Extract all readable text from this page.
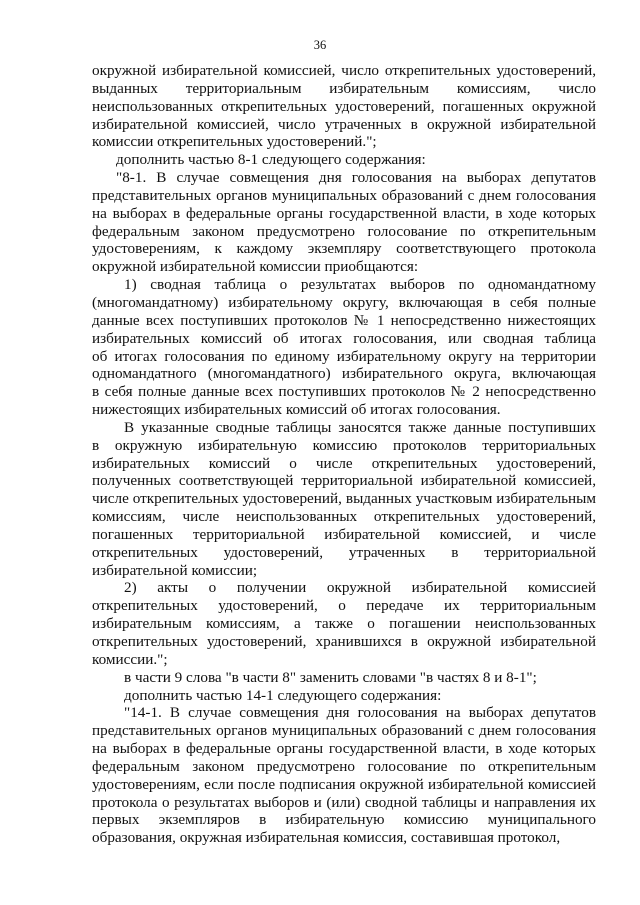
36
окружной избирательной комиссией, число открепительных удостоверений,
выданных территориальным избирательным комиссиям, число
неиспользованных открепительных удостоверений, погашенных окружной
избирательной комиссией, число утраченных в окружной избирательной
комиссии открепительных удостоверений.";
дополнить частью 8-1 следующего содержания:
"8-1. В случае совмещения дня голосования на выборах депутатов
представительных органов муниципальных образований с днем голосования
на выборах в федеральные органы государственной власти, в ходе которых
федеральным законом предусмотрено голосование по открепительным
удостоверениям, к каждому экземпляру соответствующего протокола
окружной избирательной комиссии приобщаются:
1) сводная таблица о результатах выборов по одномандатному
(многомандатному) избирательному округу, включающая в себя полные
данные всех поступивших протоколов № 1 непосредственно нижестоящих
избирательных комиссий об итогах голосования, или сводная таблица
об итогах голосования по единому избирательному округу на территории
одномандатного (многомандатного) избирательного округа, включающая
в себя полные данные всех поступивших протоколов № 2 непосредственно
нижестоящих избирательных комиссий об итогах голосования.
В указанные сводные таблицы заносятся также данные поступивших
в окружную избирательную комиссию протоколов территориальных
избирательных комиссий о числе открепительных удостоверений,
полученных соответствующей территориальной избирательной комиссией,
числе открепительных удостоверений, выданных участковым избирательным
комиссиям, числе неиспользованных открепительных удостоверений,
погашенных территориальной избирательной комиссией, и числе
открепительных удостоверений, утраченных в территориальной
избирательной комиссии;
2) акты о получении окружной избирательной комиссией
открепительных удостоверений, о передаче их территориальным
избирательным комиссиям, а также о погашении неиспользованных
открепительных удостоверений, хранившихся в окружной избирательной
комиссии.";
в части 9 слова "в части 8" заменить словами "в частях 8 и 8-1";
дополнить частью 14-1 следующего содержания:
"14-1. В случае совмещения дня голосования на выборах депутатов
представительных органов муниципальных образований с днем голосования
на выборах в федеральные органы государственной власти, в ходе которых
федеральным законом предусмотрено голосование по открепительным
удостоверениям, если после подписания окружной избирательной комиссией
протокола о результатах выборов и (или) сводной таблицы и направления их
первых экземпляров в избирательную комиссию муниципального
образования, окружная избирательная комиссия, составившая протокол,
